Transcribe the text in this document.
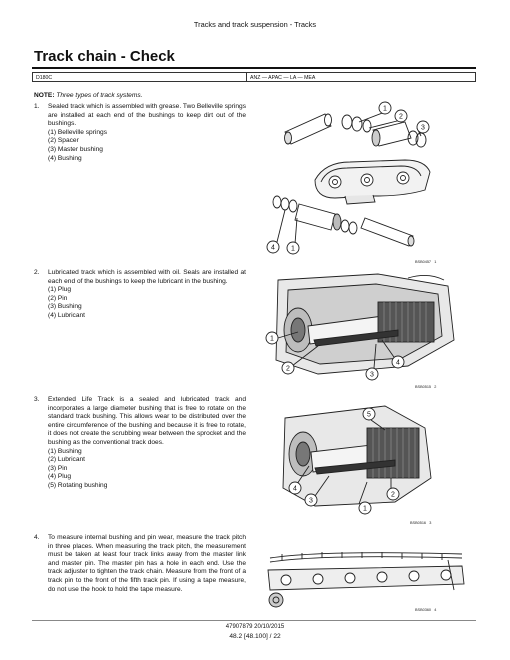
Tracks and track suspension - Tracks
Track chain - Check
D180C	ANZ — APAC — LA — MEA
NOTE: Three types of track systems.
1. Sealed track which is assembled with grease. Two Belleville springs are installed at each end of the bushings to keep dirt out of the bushings.
(1) Belleville springs
(2) Spacer
(3) Master bushing
(4) Bushing
1
2
3
4 1
BSB0457 1
2. Lubricated track which is assembled with oil. Seals are installed at each end of the bushings to keep the lubricant in the bushing.
(1) Plug
(2) Pin
(3) Bushing
(4) Lubricant
1
2
3
4
BSB0515 2
3. Extended Life Track is a sealed and lubricated track and incorporates a large diameter bushing that is free to rotate on the standard track bushing. This allows wear to be distributed over the entire circumference of the bushing and because it is free to rotate, it does not create the scrubbing wear between the sprocket and the bushing as the conventional track does.
(1) Bushing
(2) Lubricant
(3) Pin
(4) Plug
(5) Rotating bushing
5
4
3
1
2
BSB0516 3
4. To measure internal bushing and pin wear, measure the track pitch in three places. When measuring the track pitch, the measurement must be taken at least four track links away from the master link and master pin. The master pin has a hole in each end. Use the track adjuster to tighten the track chain. Measure from the front of a track pin to the front of the fifth track pin. If using a tape measure, do not use the hook to hold the tape measure.
BSB0360 4
47907879 20/10/2015
48.2 [48.100] / 22
